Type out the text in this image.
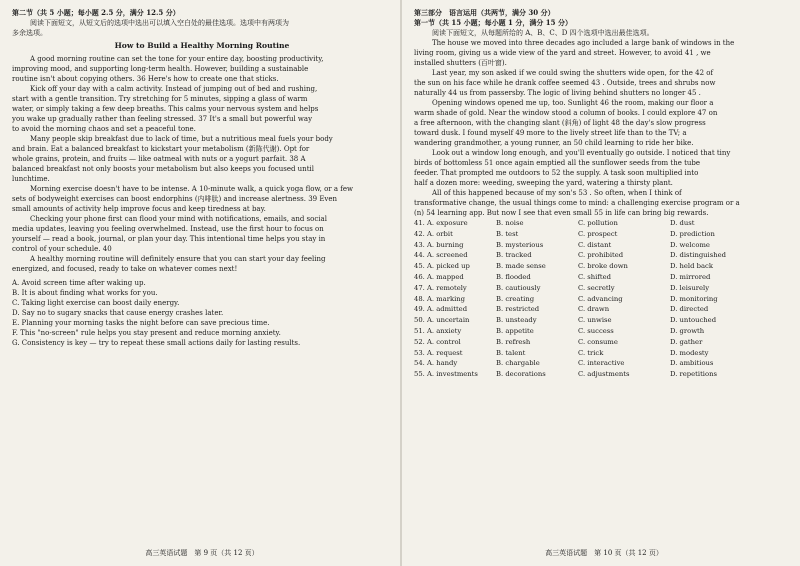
第二节（共 5 小题；每小题 2.5 分，满分 12.5 分）
阅读下面短文，从短文后的选项中选出可以填入空白处的最佳选项。选项中有两项为
多余选项。
How to Build a Healthy Morning Routine
A good morning routine can set the tone for your entire day, boosting productivity,
improving mood, and supporting long-term health. However, building a sustainable
routine isn't about copying others. 36 Here's how to create one that sticks.
Kick off your day with a calm activity. Instead of jumping out of bed and rushing,
start with a gentle transition. Try stretching for 5 minutes, sipping a glass of warm
water, or simply taking a few deep breaths. This calms your nervous system and helps
you wake up gradually rather than feeling stressed. 37 It's a small but powerful way
to avoid the morning chaos and set a peaceful tone.
Many people skip breakfast due to lack of time, but a nutritious meal fuels your body
and brain. Eat a balanced breakfast to kickstart your metabolism (新陈代谢). Opt for
whole grains, protein, and fruits — like oatmeal with nuts or a yogurt parfait. 38 A
balanced breakfast not only boosts your metabolism but also keeps you focused until
lunchtime.
Morning exercise doesn't have to be intense. A 10-minute walk, a quick yoga flow, or a few
sets of bodyweight exercises can boost endorphins (内啡肽) and increase alertness. 39 Even
small amounts of activity help improve focus and keep tiredness at bay.
Checking your phone first can flood your mind with notifications, emails, and social
media updates, leaving you feeling overwhelmed. Instead, use the first hour to focus on
yourself — read a book, journal, or plan your day. This intentional time helps you stay in
control of your schedule. 40
A healthy morning routine will definitely ensure that you can start your day feeling
energized, and focused, ready to take on whatever comes next!
A. Avoid screen time after waking up.
B. It is about finding what works for you.
C. Taking light exercise can boost daily energy.
D. Say no to sugary snacks that cause energy crashes later.
E. Planning your morning tasks the night before can save precious time.
F. This "no-screen" rule helps you stay present and reduce morning anxiety.
G. Consistency is key — try to repeat these small actions daily for lasting results.
高三英语试题　第 9 页（共 12 页）
第三部分　语言运用（共两节，满分 30 分）
第一节（共 15 小题；每小题 1 分，满分 15 分）
阅读下面短文，从每题所给的 A、B、C、D 四个选项中选出最佳选项。
The house we moved into three decades ago included a large bank of windows in the
living room, giving us a wide view of the yard and street. However, to avoid 41 , we
installed shutters (百叶窗).
Last year, my son asked if we could swing the shutters wide open, for the 42 of
the sun on his face while he drank coffee seemed 43 . Outside, trees and shrubs now
naturally 44 us from passersby. The logic of living behind shutters no longer 45 .
Opening windows opened me up, too. Sunlight 46 the room, making our floor a
warm shade of gold. Near the window stood a column of books. I could explore 47 on
a free afternoon, with the changing slant (斜角) of light 48 the day's slow progress
toward dusk. I found myself 49 more to the lively street life than to the TV; a
wandering grandmother, a young runner, an 50 child learning to ride her bike.
Look out a window long enough, and you'll eventually go outside. I noticed that tiny
birds of bottomless 51 once again emptied all the sunflower seeds from the tube
feeder. That prompted me outdoors to 52 the supply. A task soon multiplied into
half a dozen more: weeding, sweeping the yard, watering a thirsty plant.
All of this happened because of my son's 53 . So often, when I think of
transformative change, the usual things come to mind: a challenging exercise program or a
(n) 54 learning app. But now I see that even small 55 in life can bring big rewards.
41. A. exposure	B. noise	C. pollution	D. dust
42. A. orbit	B. test	C. prospect	D. prediction
43. A. burning	B. mysterious	C. distant	D. welcome
44. A. screened	B. tracked	C. prohibited	D. distinguished
45. A. picked up	B. made sense	C. broke down	D. held back
46. A. mapped	B. flooded	C. shifted	D. mirrored
47. A. remotely	B. cautiously	C. secretly	D. leisurely
48. A. marking	B. creating	C. advancing	D. monitoring
49. A. admitted	B. restricted	C. drawn	D. directed
50. A. uncertain	B. unsteady	C. unwise	D. untouched
51. A. anxiety	B. appetite	C. success	D. growth
52. A. control	B. refresh	C. consume	D. gather
53. A. request	B. talent	C. trick	D. modesty
54. A. handy	B. chargable	C. interactive	D. ambitious
55. A. investments	B. decorations	C. adjustments	D. repetitions
高三英语试题　第 10 页（共 12 页）
